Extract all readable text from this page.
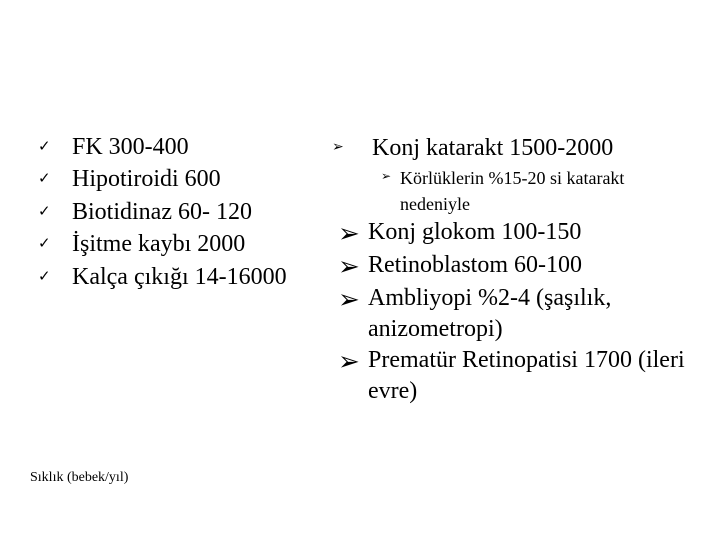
✓ FK 300-400
✓ Hipotiroidi 600
✓ Biotidinaz 60- 120
✓ İşitme kaybı 2000
✓ Kalça çıkığı 14-16000
➢	Konj katarakt 1500-2000
➢ Körlüklerin %15-20 si katarakt nedeniyle
➢ Konj glokom 100-150
➢ Retinoblastom 60-100
➢ Ambliyopi %2-4 (şaşılık, anizometropi)
➢ Prematür Retinopatisi 1700 (ileri evre)
Sıklık (bebek/yıl)
